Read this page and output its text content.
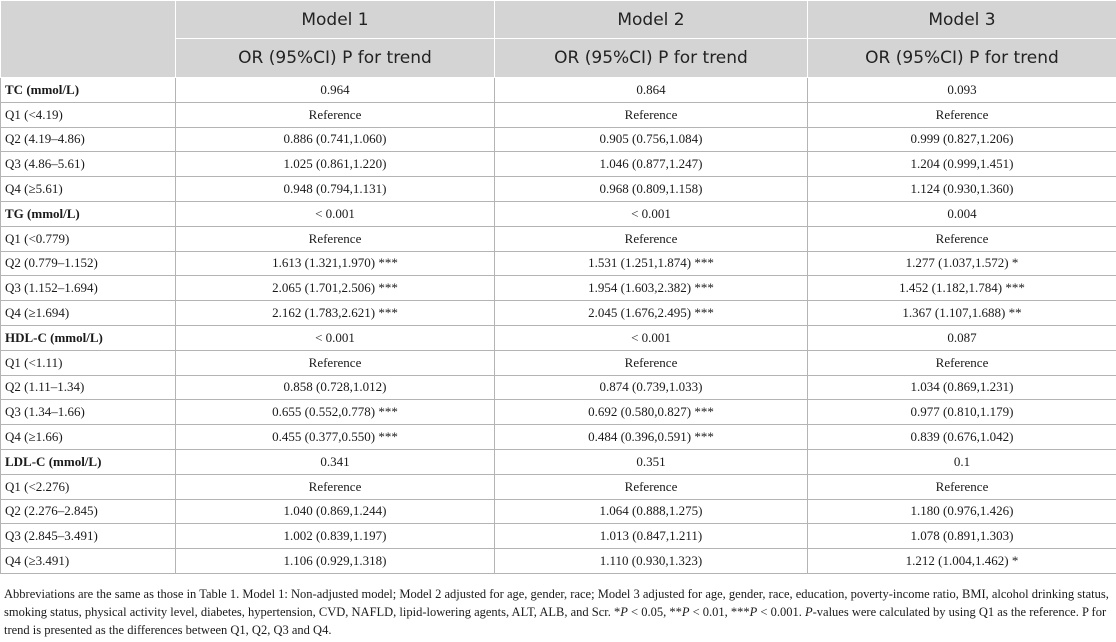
	Model 1	Model 2	Model 3
	OR (95%CI) P for trend	OR (95%CI) P for trend	OR (95%CI) P for trend
TC (mmol/L)	0.964	0.864	0.093
Q1 (<4.19)	Reference	Reference	Reference
Q2 (4.19–4.86)	0.886 (0.741,1.060)	0.905 (0.756,1.084)	0.999 (0.827,1.206)
Q3 (4.86–5.61)	1.025 (0.861,1.220)	1.046 (0.877,1.247)	1.204 (0.999,1.451)
Q4 (≥5.61)	0.948 (0.794,1.131)	0.968 (0.809,1.158)	1.124 (0.930,1.360)
TG (mmol/L)	< 0.001	< 0.001	0.004
Q1 (<0.779)	Reference	Reference	Reference
Q2 (0.779–1.152)	1.613 (1.321,1.970) ***	1.531 (1.251,1.874) ***	1.277 (1.037,1.572) *
Q3 (1.152–1.694)	2.065 (1.701,2.506) ***	1.954 (1.603,2.382) ***	1.452 (1.182,1.784) ***
Q4 (≥1.694)	2.162 (1.783,2.621) ***	2.045 (1.676,2.495) ***	1.367 (1.107,1.688) **
HDL-C (mmol/L)	< 0.001	< 0.001	0.087
Q1 (<1.11)	Reference	Reference	Reference
Q2 (1.11–1.34)	0.858 (0.728,1.012)	0.874 (0.739,1.033)	1.034 (0.869,1.231)
Q3 (1.34–1.66)	0.655 (0.552,0.778) ***	0.692 (0.580,0.827) ***	0.977 (0.810,1.179)
Q4 (≥1.66)	0.455 (0.377,0.550) ***	0.484 (0.396,0.591) ***	0.839 (0.676,1.042)
LDL-C (mmol/L)	0.341	0.351	0.1
Q1 (<2.276)	Reference	Reference	Reference
Q2 (2.276–2.845)	1.040 (0.869,1.244)	1.064 (0.888,1.275)	1.180 (0.976,1.426)
Q3 (2.845–3.491)	1.002 (0.839,1.197)	1.013 (0.847,1.211)	1.078 (0.891,1.303)
Q4 (≥3.491)	1.106 (0.929,1.318)	1.110 (0.930,1.323)	1.212 (1.004,1.462) *
Abbreviations are the same as those in Table 1. Model 1: Non-adjusted model; Model 2 adjusted for age, gender, race; Model 3 adjusted for age, gender, race, education, poverty-income ratio, BMI, alcohol drinking status, smoking status, physical activity level, diabetes, hypertension, CVD, NAFLD, lipid-lowering agents, ALT, ALB, and Scr. *P < 0.05, **P < 0.01, ***P < 0.001. P-values were calculated by using Q1 as the reference. P for trend is presented as the differences between Q1, Q2, Q3 and Q4.
